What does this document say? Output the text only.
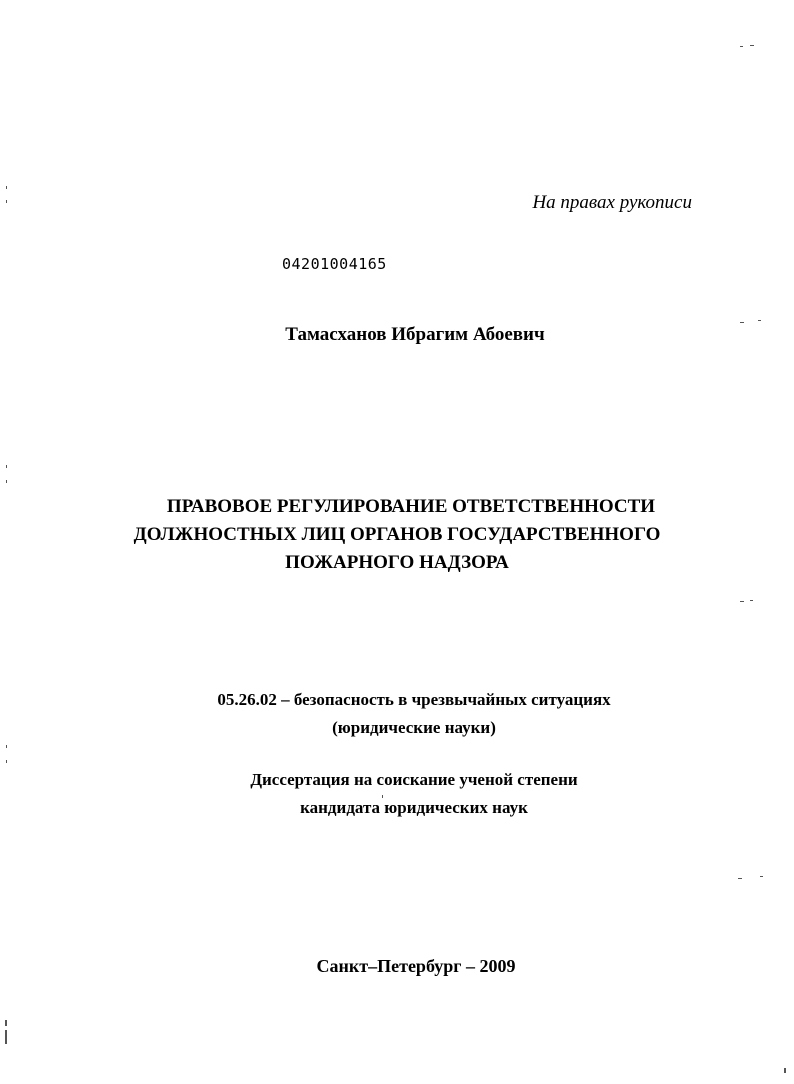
На правах рукописи
04201004165
Тамасханов Ибрагим Абоевич
ПРАВОВОЕ РЕГУЛИРОВАНИЕ ОТВЕТСТВЕННОСТИ
ДОЛЖНОСТНЫХ ЛИЦ ОРГАНОВ ГОСУДАРСТВЕННОГО
ПОЖАРНОГО НАДЗОРА
05.26.02 – безопасность в чрезвычайных ситуациях
(юридические науки)
Диссертация на соискание ученой степени
кандидата юридических наук
Санкт–Петербург – 2009
